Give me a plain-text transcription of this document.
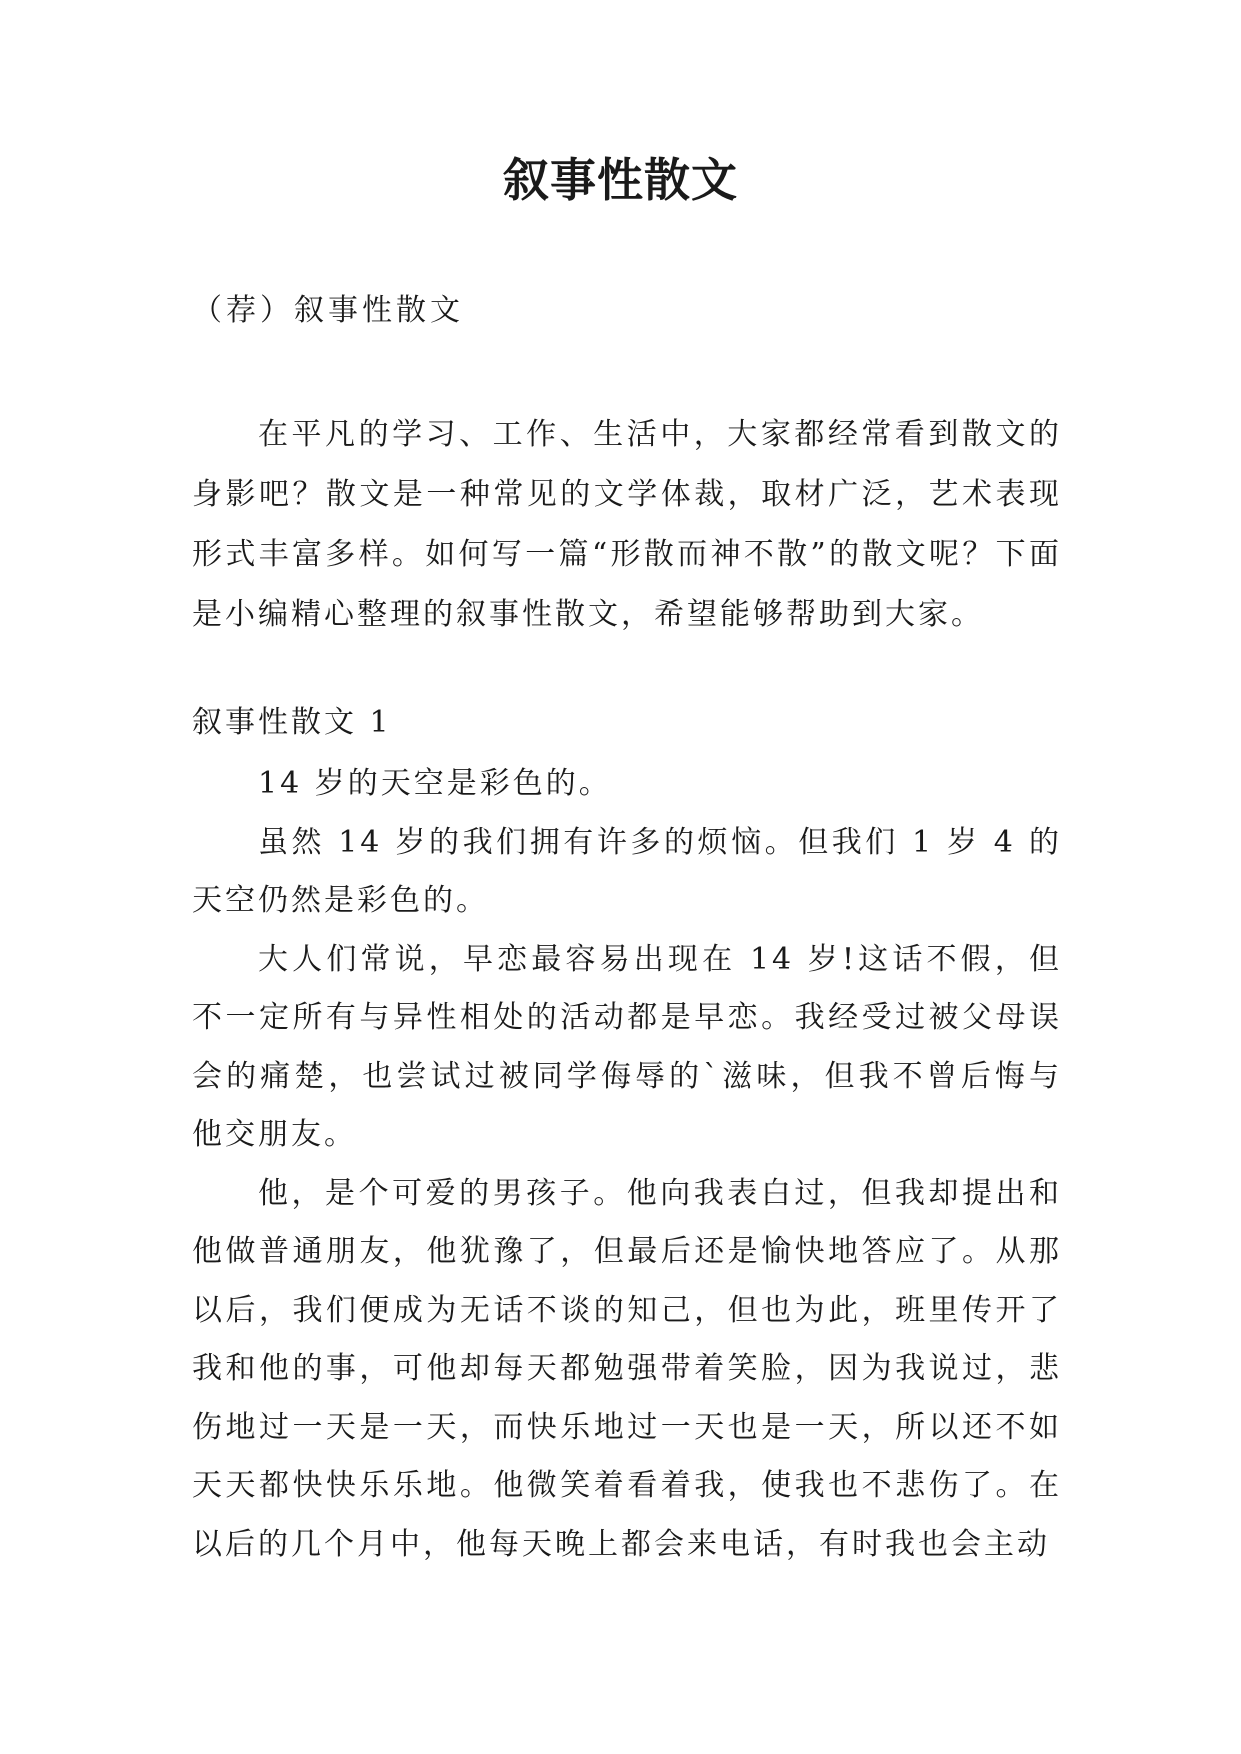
叙事性散文

（荐）叙事性散文

在平凡的学习、工作、生活中，大家都经常看到散文的身影吧？散文是一种常见的文学体裁，取材广泛，艺术表现形式丰富多样。如何写一篇“形散而神不散”的散文呢？下面是小编精心整理的叙事性散文，希望能够帮助到大家。

叙事性散文 1

14 岁的天空是彩色的。

虽然 14 岁的我们拥有许多的烦恼。但我们 1 岁 4 的天空仍然是彩色的。

大人们常说，早恋最容易出现在 14 岁!这话不假，但不一定所有与异性相处的活动都是早恋。我经受过被父母误会的痛楚，也尝试过被同学侮辱的`滋味，但我不曾后悔与他交朋友。

他，是个可爱的男孩子。他向我表白过，但我却提出和他做普通朋友，他犹豫了，但最后还是愉快地答应了。从那以后，我们便成为无话不谈的知己，但也为此，班里传开了我和他的事，可他却每天都勉强带着笑脸，因为我说过，悲伤地过一天是一天，而快乐地过一天也是一天，所以还不如天天都快快乐乐地。他微笑着看着我，使我也不悲伤了。在以后的几个月中，他每天晚上都会来电话，有时我也会主动
